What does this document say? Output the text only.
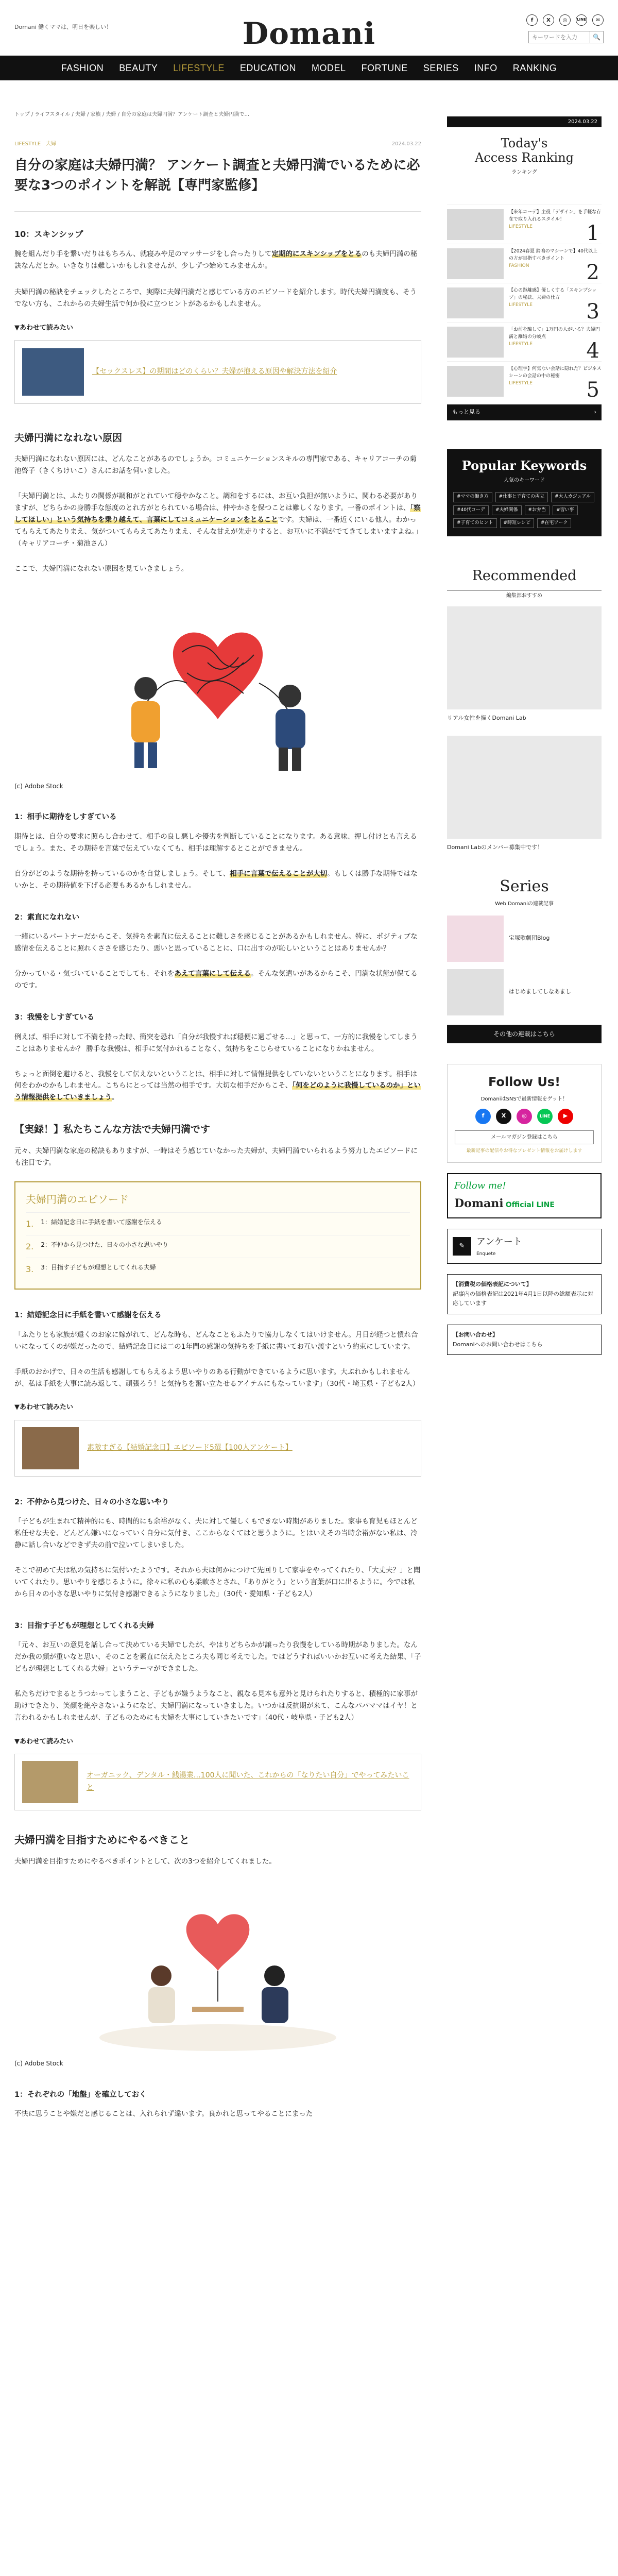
Domani 働くママは、明日を楽しい！	Domani	f	X	◎	LINE	✉
キーワードを入力
🔍
FASHION BEAUTY LIFESTYLE EDUCATION MODEL FORTUNE SERIES INFO RANKING
トップ / ライフスタイル / 夫婦 / 家族 / 夫婦 / 自分の家庭は夫婦円満？アンケート調査と夫婦円満で...
LIFESTYLE　夫婦	2024.03.22
自分の家庭は夫婦円満？ アンケート調査と夫婦円満でいるために必要な3つのポイントを解説【専門家監修】
10：スキンシップ

腕を組んだり手を繋いだりはもちろん、就寝みや足のマッサージをし合ったりして定期的にスキンシップをとるのも夫婦円満の秘訣なんだとか。いきなりは難しいかもしれませんが、少しずつ始めてみませんか。

夫婦円満の秘訣をチェックしたところで、実際に夫婦円満だと感じている方のエピソードを紹介します。時代夫婦円満度も、そうでない方も、これからの夫婦生活で何か役に立つヒントがあるかもしれません。

▼あわせて読みたい
【セックスレス】の期間はどのくらい？夫婦が抱える原因や解決方法を紹介
夫婦円満になれない原因

夫婦円満になれない原因には、どんなことがあるのでしょうか。コミュニケーションスキルの専門家である、キャリアコーチの菊池啓子（きくちけいこ）さんにお話を伺いました。

「夫婦円満とは、ふたりの関係が調和がとれていて穏やかなこと。調和をするには、お互い負担が無いように、関わる必要がありますが、どちらかの身勝手な態度のとれ方がとられている場合は、仲やかさを保つことは難しくなります。一番のポイントは、「察してほしい」という気持ちを乗り越えて、言葉にしてコミュニケーションをとることです。夫婦は、一番近くにいる他人。わかってもらえてあたりまえ、気がついてもらえてあたりまえ、そんな甘えが先走りすると、お互いに不満がでてきてしまいますよね。」（キャリアコーチ・菊池さん）

ここで、夫婦円満になれない原因を見ていきましょう。

(c) Adobe Stock
1：相手に期待をしすぎている

期待とは、自分の要求に照らし合わせて、相手の良し悪しや優劣を判断していることになります。ある意味、押し付けとも言えるでしょう。また、その期待を言葉で伝えていなくても、相手は理解するとことができません。

自分がどのような期待を持っているのかを自覚しましょう。そして、相手に言葉で伝えることが大切。もしくは勝手な期待ではないかと、その期待値を下げる必要もあるかもしれません。

2：素直になれない

一緒にいるパートナーだからこそ、気持ちを素直に伝えることに難しさを感じることがあるかもしれません。特に、ポジティブな感情を伝えることに照れくささを感じたり、悪いと思っていることに、口に出すのが恥しいということはありませんか？

分かっている・気づいていることでしても、それをあえて言葉にして伝える。そんな気遣いがあるからこそ、円満な状態が保てるのです。

3：我慢をしすぎている

例えば、相手に対して不満を持った時、衝突を恐れ「自分が我慢すれば穏便に過ごせる…」と思って、一方的に我慢をしてしまうことはありませんか？ 勝手な我慢は、相手に気付かれることなく、気持ちをこじらせていることになりかねません。

ちょっと面倒を避けると、我慢をして伝えないということは、相手に対して情報提供をしていないということになります。相手は何をわかのかもしれません。こちらにとっては当然の相手です。大切な相手だからこそ、「何をどのように我慢しているのか」という情報提供をしていきましょう。

【実録！】私たちこんな方法で夫婦円満です

元々、夫婦円満な家庭の秘訣もありますが、一時はそう感じていなかった夫婦が、夫婦円満でいられるよう努力したエピソードにも注目です。

夫婦円満のエピソード
1. 1：結婚記念日に手紙を書いて感謝を伝える
2. 2：不仲から見つけた、日々の小さな思いやり
3. 3：目指す子どもが理想としてくれる夫婦
1：結婚記念日に手紙を書いて感謝を伝える

「ふたりとも家族が遠くのお家に嫁がれて、どんな時も、どんなこともふたりで協力しなくてはいけません。月日が経つと慣れ合いになってくのが嫌だったので、結婚記念日には二の1年間の感謝の気持ちを手紙に書いてお互い渡すという約束にしています。

手紙のおかげで、日々の生活も感謝してもらえるよう思いやりのある行動ができているように思います。大ぶれかもしれませんが、私は手紙を大事に読み返して、頑張ろう！と気持ちを奮い立たせるアイテムにもなっています」（30代・埼玉県・子ども2人）

▼あわせて読みたい
素敵すぎる【結婚記念日】エピソード5選【100人アンケート】
2：不仲から見つけた、日々の小さな思いやり

「子どもが生まれて精神的にも、時間的にも余裕がなく、夫に対して優しくもできない時期がありました。家事も育児もほとんど私任せな夫を、どんどん嫌いになっていく自分に気付き、ここからなくてはと思うように。とはいえその当時余裕がない私は、冷静に話し合いなどできず夫の前で泣いてしまいました。

そこで初めて夫は私の気持ちに気付いたようです。それから夫は何かにつけて先回りして家事をやってくれたり、「大丈夫？」と聞いてくれたり。思いやりを感じるように。徐々に私の心も柔軟さとされ、「ありがとう」という言葉が口に出るように。今では私から日々の小さな思いやりに気付き感謝できるようになりました」（30代・愛知県・子ども2人）

3：目指す子どもが理想としてくれる夫婦

「元々、お互いの意見を話し合って決めている夫婦でしたが、やはりどちらかが譲ったり我慢をしている時期がありました。なんだか我の顔が重いなと思い、そのことを素直に伝えたところ夫も同じ考えでした。ではどうすればいいかお互いに考えた結果、「子どもが理想としてくれる夫婦」というテーマができました。

私たちだけでまるとうつかってしまうこと、子どもが嫌うようなこと、親なる見本も意外と見けられたりすると、積極的に家事が助けできたり、笑顔を絶やさないようになど、夫婦円満になっていきました。いつかは反抗期が来て、こんなパパママはイヤ！と言われるかもしれませんが、子どものためにも夫婦を大事にしていきたいです」（40代・岐阜県・子ども2人）

▼あわせて読みたい
オーガニック、デンタル・銭湯業…100人に聞いた、これからの「なりたい自分」でやってみたいこと
夫婦円満を目指すためにやるべきこと

夫婦円満を目指すためにやるべきポイントとして、次の3つを紹介してくれました。

(c) Adobe Stock
1：それぞれの「地盤」を確立しておく

不快に思うことや嫌だと感じることは、入れられず違います。良かれと思ってやることにまった

2024.03.22
Today's
Access Ranking
ランキング
【来年コーデ】主役「デザイン」を手軽な存在で取り入れるスタイル！
LIFESTYLE	1
【2024春夏 鈴鳴のマシーンで】40代以上の方が目指すべきポイント
FASHION	2
【心の距離感】優しくする「スキンプシップ」の秘訣、夫婦の仕方
LIFESTYLE	3
「お前を騙して」1万円の人がいる？夫婦円満と離婚の分岐点
LIFESTYLE	4
【心理学】何気ない会話に隠れた？ビジネスシーンの会話の中の秘密
LIFESTYLE	5
もっと見る	›
Popular Keywords
人気のキーワード
#ママの働き方	#仕事と子育ての両立	#大人カジュアル
#40代コーデ	#夫婦関係	#お弁当	#習い事
#子育てのヒント	#時短レシピ	#在宅ワーク
Recommended
編集部おすすめ
リアル女性を描くDomani Lab
Domani Labのメンバー募集中です！
Series
Web Domaniの連載記事
宝塚歌劇団Blog
はじめましてしなあまし
その他の連載はこちら
Follow Us!
DomaniはSNSで最新情報をゲット！
f	X	◎	LINE	▶
メールマガジン登録はこちら
最新記事の配信やお得なプレゼント情報をお届けします
Follow me!
Domani Official LINE
✎	アンケート
Enquete
【消費税の価格表記について】
記事内の価格表記は2021年4月1日以降の総額表示に対応しています
【お問い合わせ】
Domaniへのお問い合わせはこちら
